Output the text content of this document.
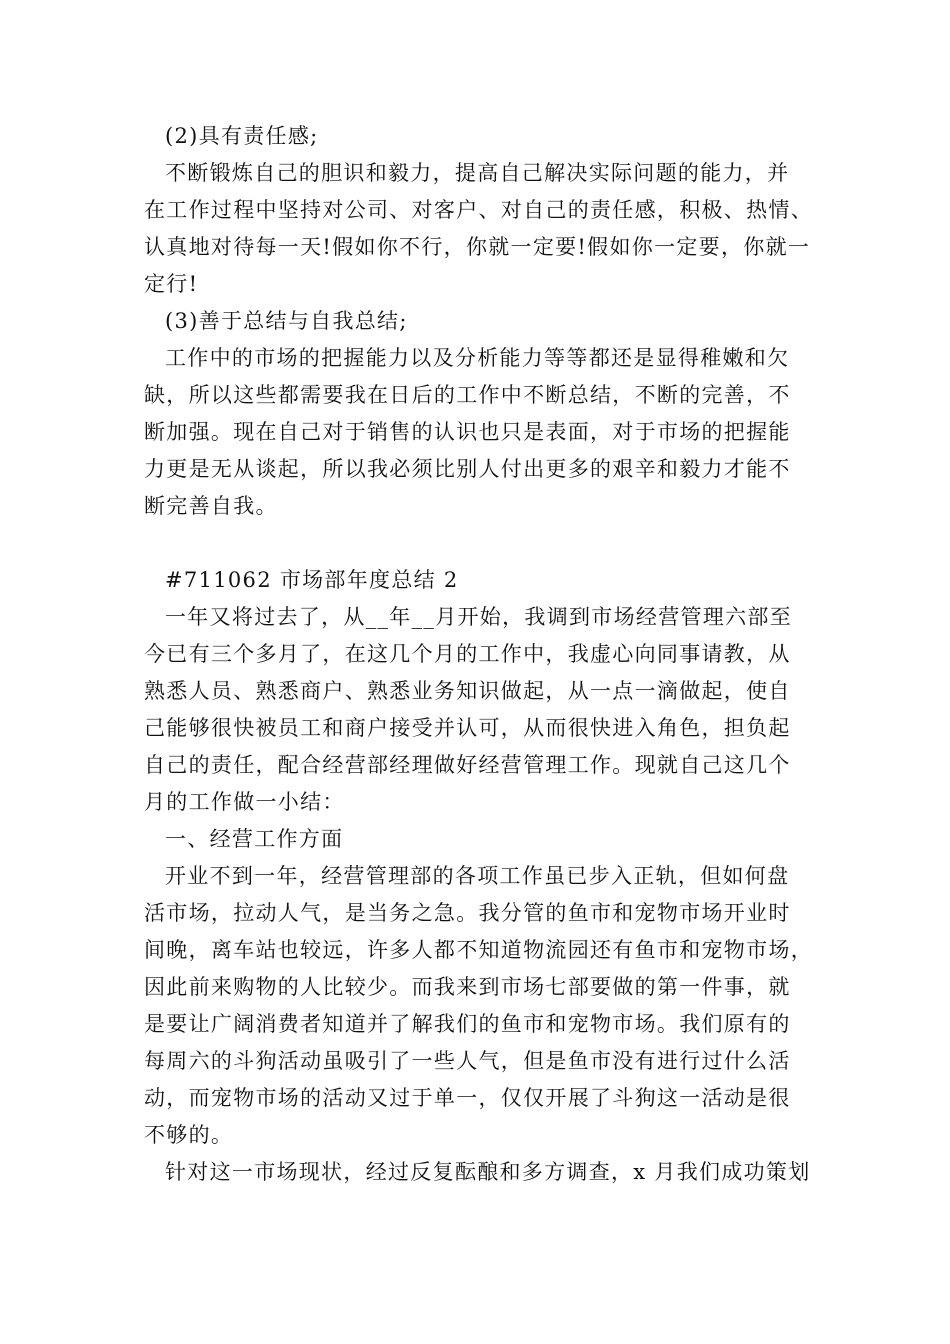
(2)具有责任感;
不断锻炼自己的胆识和毅力，提高自己解决实际问题的能力，并
在工作过程中坚持对公司、对客户、对自己的责任感，积极、热情、
认真地对待每一天!假如你不行，你就一定要!假如你一定要，你就一
定行!
(3)善于总结与自我总结;
工作中的市场的把握能力以及分析能力等等都还是显得稚嫩和欠
缺，所以这些都需要我在日后的工作中不断总结，不断的完善，不
断加强。现在自己对于销售的认识也只是表面，对于市场的把握能
力更是无从谈起，所以我必须比别人付出更多的艰辛和毅力才能不
断完善自我。
#711062 市场部年度总结 2
一年又将过去了，从__年__月开始，我调到市场经营管理六部至
今已有三个多月了，在这几个月的工作中，我虚心向同事请教，从
熟悉人员、熟悉商户、熟悉业务知识做起，从一点一滴做起，使自
己能够很快被员工和商户接受并认可，从而很快进入角色，担负起
自己的责任，配合经营部经理做好经营管理工作。现就自己这几个
月的工作做一小结：
一、经营工作方面
开业不到一年，经营管理部的各项工作虽已步入正轨，但如何盘
活市场，拉动人气，是当务之急。我分管的鱼市和宠物市场开业时
间晚，离车站也较远，许多人都不知道物流园还有鱼市和宠物市场，
因此前来购物的人比较少。而我来到市场七部要做的第一件事，就
是要让广阔消费者知道并了解我们的鱼市和宠物市场。我们原有的
每周六的斗狗活动虽吸引了一些人气，但是鱼市没有进行过什么活
动，而宠物市场的活动又过于单一，仅仅开展了斗狗这一活动是很
不够的。
针对这一市场现状，经过反复酝酿和多方调查，x 月我们成功策划
